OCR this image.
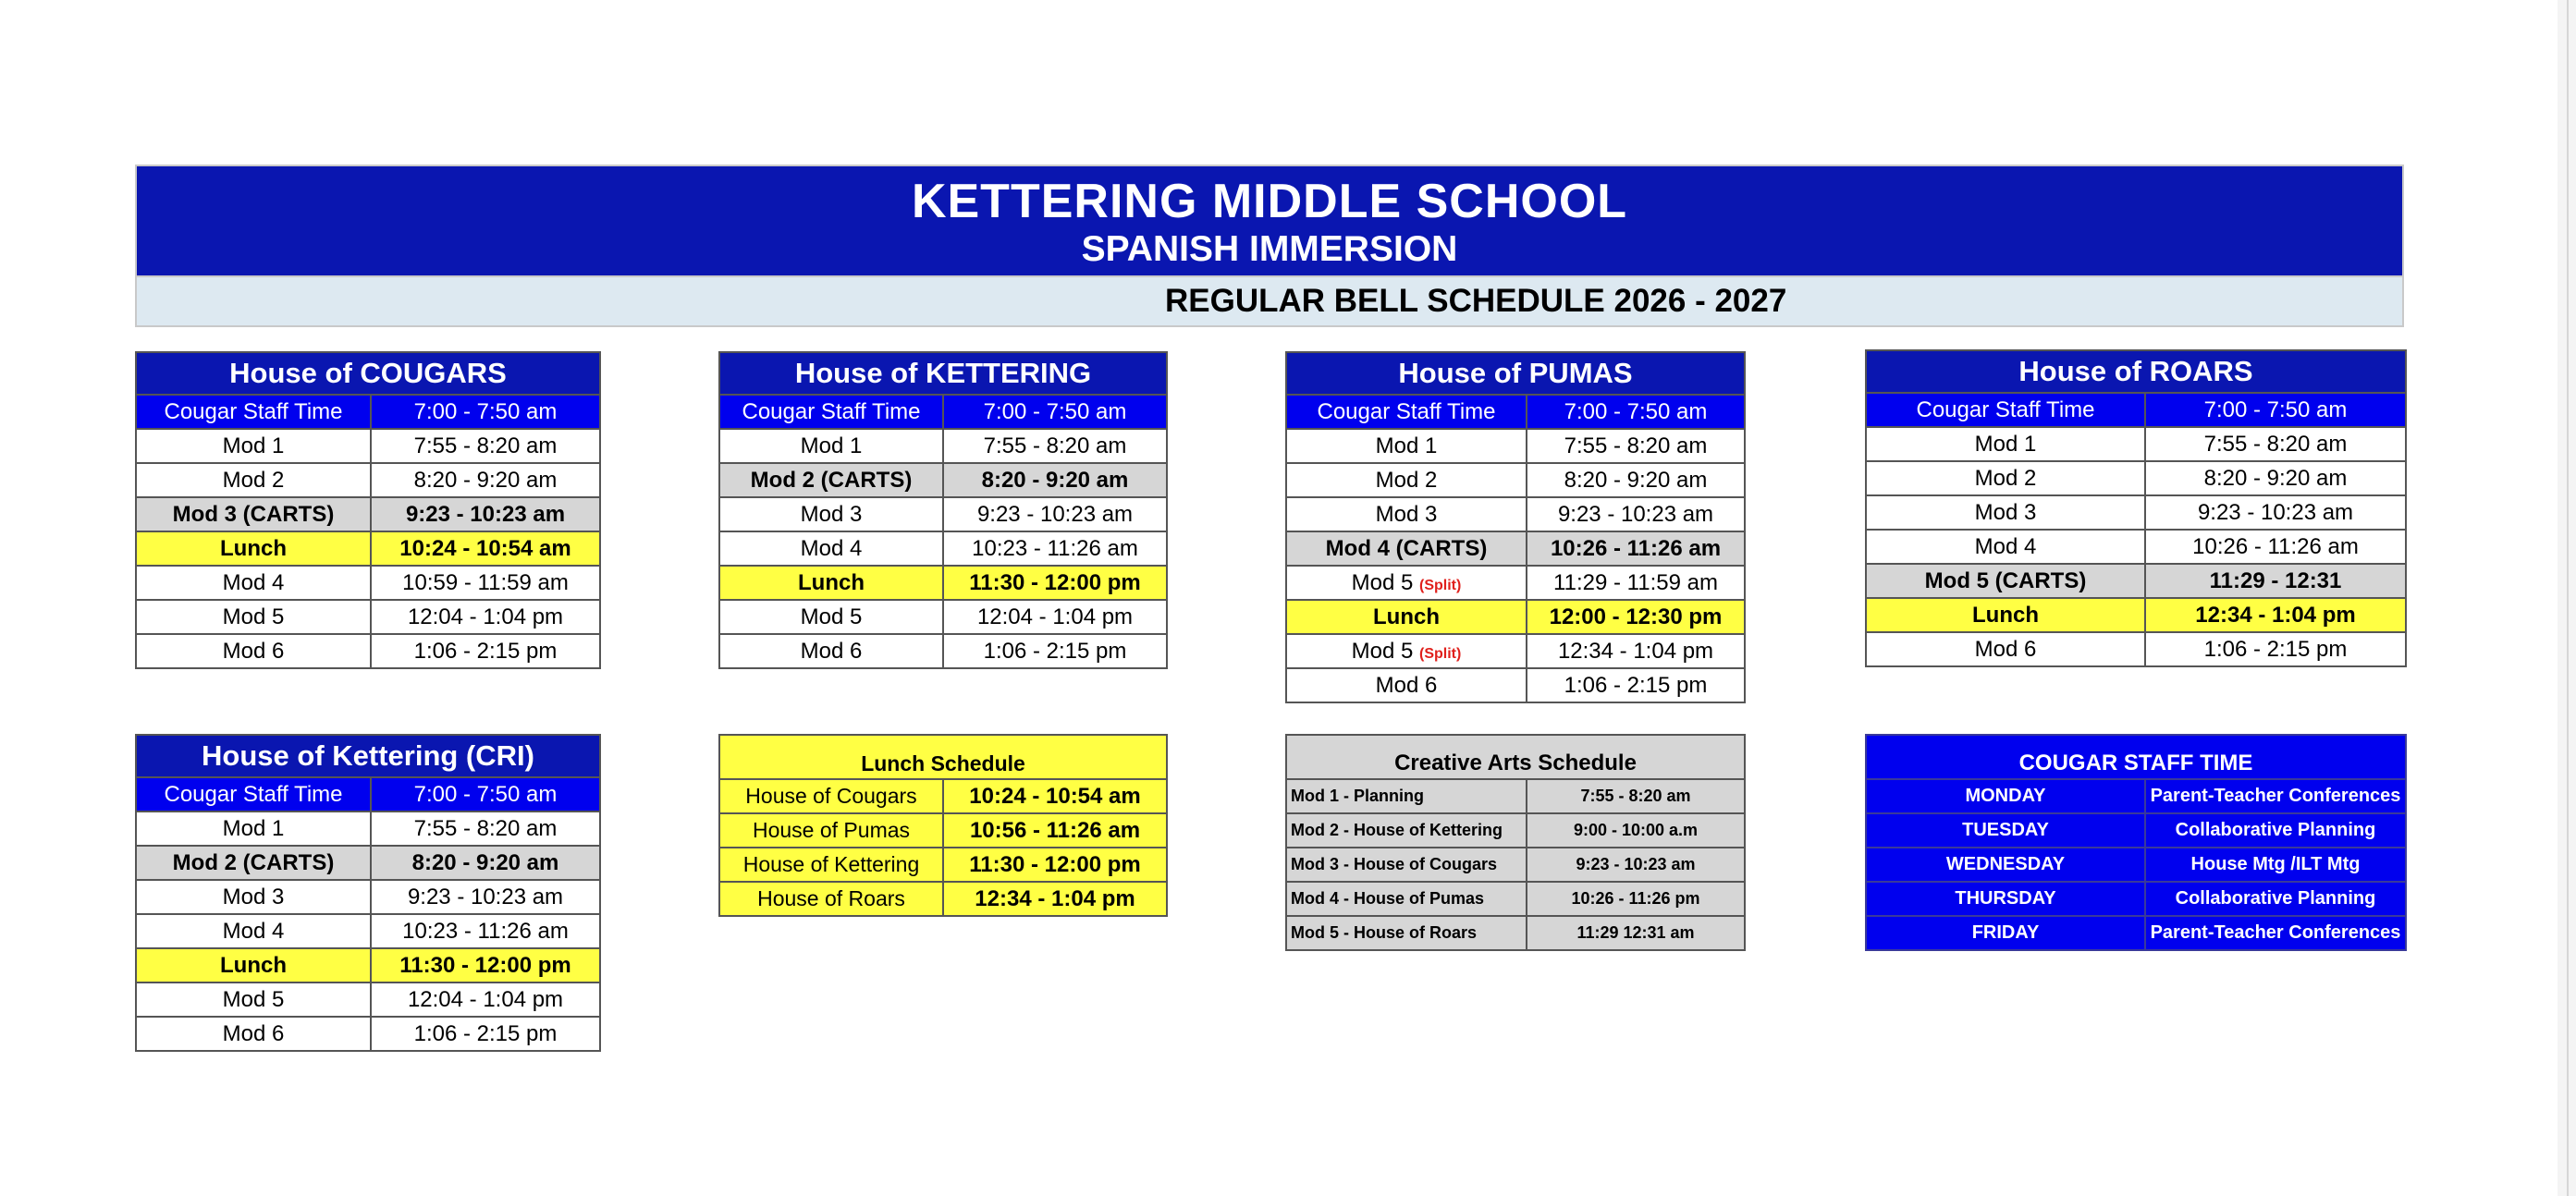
KETTERING MIDDLE SCHOOL
SPANISH IMMERSION
REGULAR BELL SCHEDULE 2026 - 2027
House of COUGARS	
Cougar Staff Time	7:00 - 7:50 am
Mod 1	7:55 - 8:20 am
Mod 2	8:20 - 9:20 am
Mod 3 (CARTS)	9:23 - 10:23 am
Lunch	10:24 - 10:54 am
Mod 4	10:59 - 11:59 am
Mod 5	12:04 - 1:04 pm
Mod 6	1:06 - 2:15 pm
House of KETTERING	
Cougar Staff Time	7:00 - 7:50 am
Mod 1	7:55 - 8:20 am
Mod 2 (CARTS)	8:20 - 9:20 am
Mod 3	9:23 - 10:23 am
Mod 4	10:23 - 11:26 am
Lunch	11:30 - 12:00 pm
Mod 5	12:04 - 1:04 pm
Mod 6	1:06 - 2:15 pm
House of PUMAS	
Cougar Staff Time	7:00 - 7:50 am
Mod 1	7:55 - 8:20 am
Mod 2	8:20 - 9:20 am
Mod 3	9:23 - 10:23 am
Mod 4 (CARTS)	10:26 - 11:26 am
Mod 5 (Split)	11:29 - 11:59 am
Lunch	12:00 - 12:30 pm
Mod 5 (Split)	12:34 - 1:04 pm
Mod 6	1:06 - 2:15 pm
House of ROARS	
Cougar Staff Time	7:00 - 7:50 am
Mod 1	7:55 - 8:20 am
Mod 2	8:20 - 9:20 am
Mod 3	9:23 - 10:23 am
Mod 4	10:26 - 11:26 am
Mod 5 (CARTS)	11:29 - 12:31
Lunch	12:34 - 1:04 pm
Mod 6	1:06 - 2:15 pm
House of Kettering (CRI)	
Cougar Staff Time	7:00 - 7:50 am
Mod 1	7:55 - 8:20 am
Mod 2 (CARTS)	8:20 - 9:20 am
Mod 3	9:23 - 10:23 am
Mod 4	10:23 - 11:26 am
Lunch	11:30 - 12:00 pm
Mod 5	12:04 - 1:04 pm
Mod 6	1:06 - 2:15 pm
Lunch Schedule	
House of Cougars	10:24 - 10:54 am
House of Pumas	10:56 - 11:26 am
House of Kettering	11:30 - 12:00 pm
House of Roars	12:34 - 1:04 pm
Creative Arts Schedule	
Mod 1 - Planning	7:55 - 8:20 am
Mod 2 - House of Kettering	9:00 - 10:00 a.m
Mod 3 - House of Cougars	9:23 - 10:23 am
Mod 4 - House of Pumas	10:26 - 11:26 pm
Mod 5 - House of Roars	11:29 12:31 am
COUGAR STAFF TIME	
MONDAY	Parent-Teacher Conferences
TUESDAY	Collaborative Planning
WEDNESDAY	House Mtg /ILT Mtg
THURSDAY	Collaborative Planning
FRIDAY	Parent-Teacher Conferences
